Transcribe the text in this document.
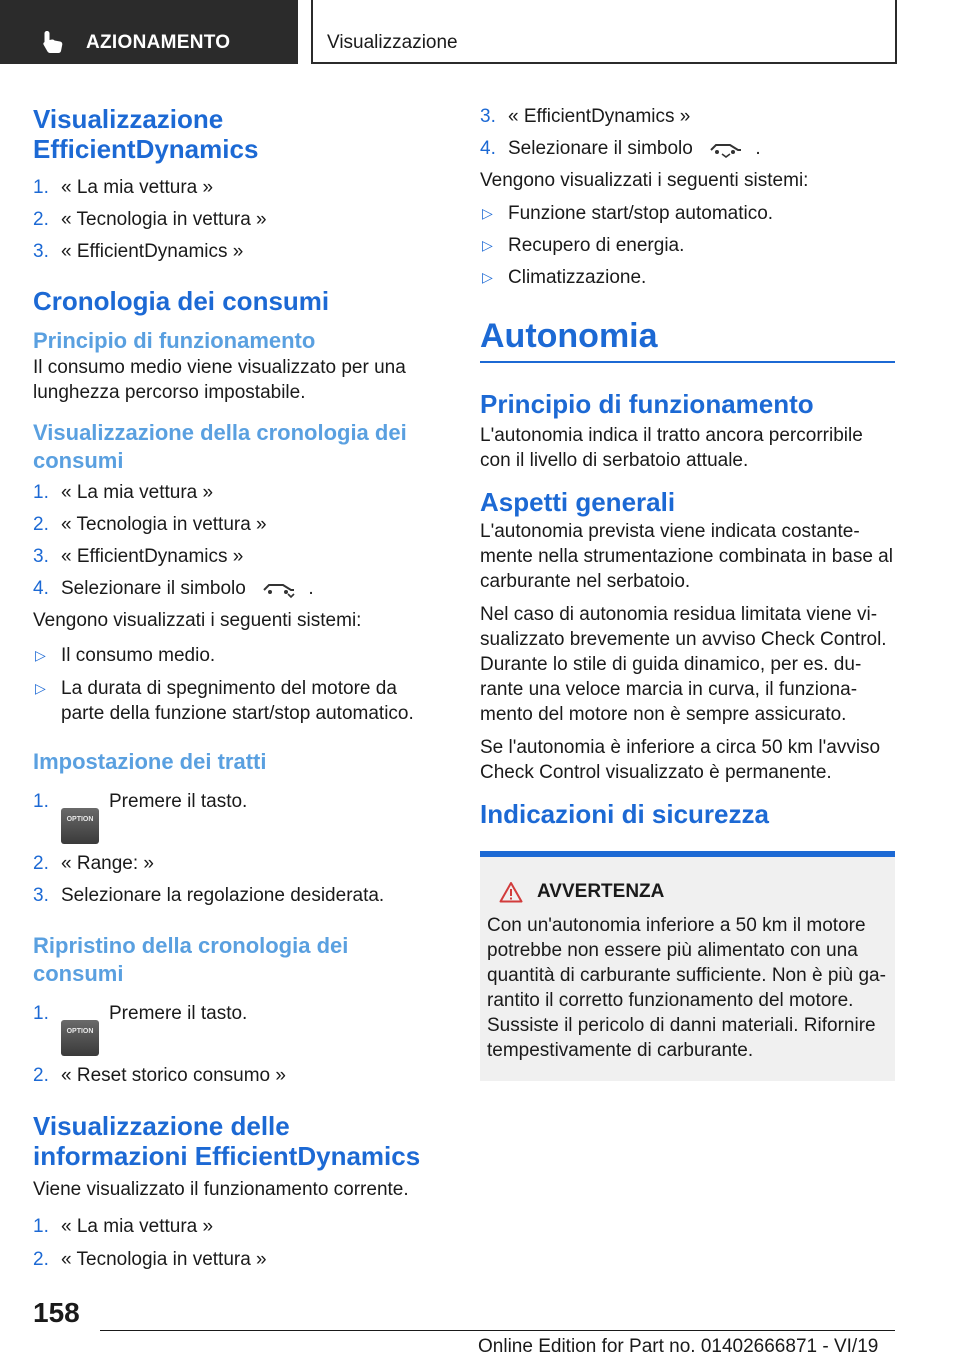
AZIONAMENTO	Visualizzazione
Visualizzazione EfficientDynamics
1. « La mia vettura »
2. « Tecnologia in vettura »
3. « EfficientDynamics »
Cronologia dei consumi
Principio di funzionamento

Il consumo medio viene visualizzato per una lunghezza percorso impostabile.

Visualizzazione della cronologia dei consumi
1. « La mia vettura »
2. « Tecnologia in vettura »
3. « EfficientDynamics »
4. Selezionare il simbolo	.

Vengono visualizzati i seguenti sistemi:

▷ Il consumo medio.
▷ La durata di spegnimento del motore da parte della funzione start/stop automatico.
Impostazione dei tratti
1.
OPTIONPremere il tasto.
2. « Range: »
3. Selezionare la regolazione desiderata.
Ripristino della cronologia dei consumi
1.
OPTIONPremere il tasto.
2. « Reset storico consumo »
Visualizzazione delle informazioni EfficientDynamics

Viene visualizzato il funzionamento corrente.

1. « La mia vettura »
2. « Tecnologia in vettura »
3. « EfficientDynamics »
4. Selezionare il simbolo	.

Vengono visualizzati i seguenti sistemi:

▷ Funzione start/stop automatico.
▷ Recupero di energia.
▷ Climatizzazione.
Autonomia
Principio di funzionamento

L'autonomia indica il tratto ancora percorribile con il livello di serbatoio attuale.

Aspetti generali

L'autonomia prevista viene indicata costantemente nella strumentazione combinata in base al carburante nel serbatoio.

Nel caso di autonomia residua limitata viene visualizzato brevemente un avviso Check Control. Durante lo stile di guida dinamico, per es. durante una veloce marcia in curva, il funzionamento del motore non è sempre assicurato.

Se l'autonomia è inferiore a circa 50 km l'avviso Check Control visualizzato è permanente.

Indicazioni di sicurezza
AVVERTENZA

Con un'autonomia inferiore a 50 km il motore potrebbe non essere più alimentato con una quantità di carburante sufficiente. Non è più garantito il corretto funzionamento del motore. Sussiste il pericolo di danni materiali. Rifornire tempestivamente di carburante.

158
Online Edition for Part no. 01402666871 - VI/19
